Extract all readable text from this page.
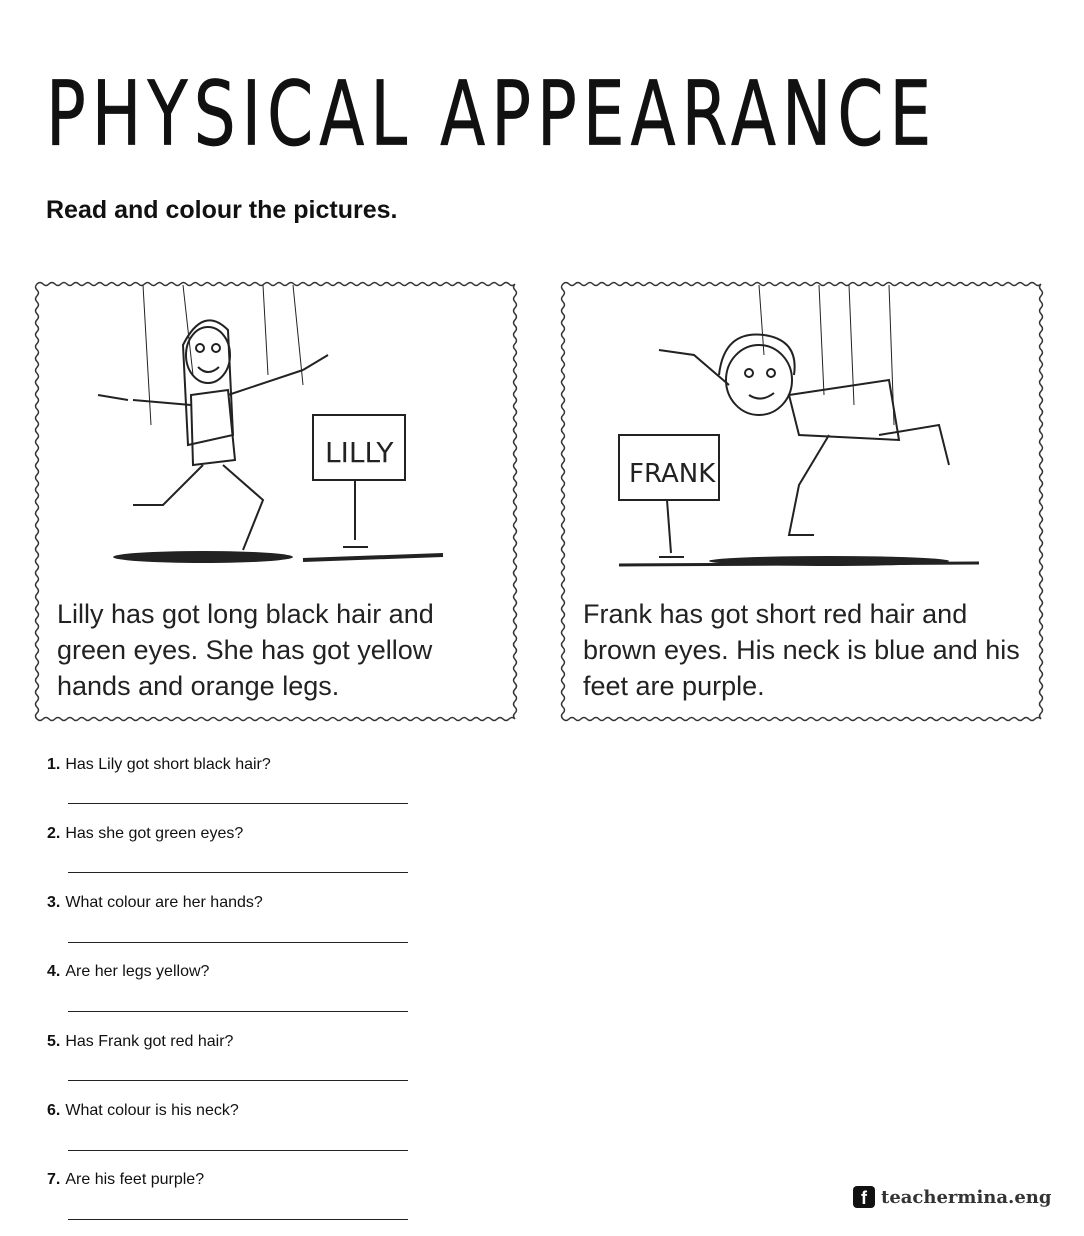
PHYSICAL APPEARANCE
Read and colour the pictures.
LILLY
Lilly has got long black hair and green eyes. She has got yellow hands and orange legs.
FRANK
Frank has got short red hair and brown eyes. His neck is blue and his feet are purple.
1. Has Lily got short black hair?
2. Has she got green eyes?
3. What colour are her hands?
4. Are her legs yellow?
5. Has Frank got red hair?
6. What colour is his neck?
7. Are his feet purple?
f teachermina.eng
